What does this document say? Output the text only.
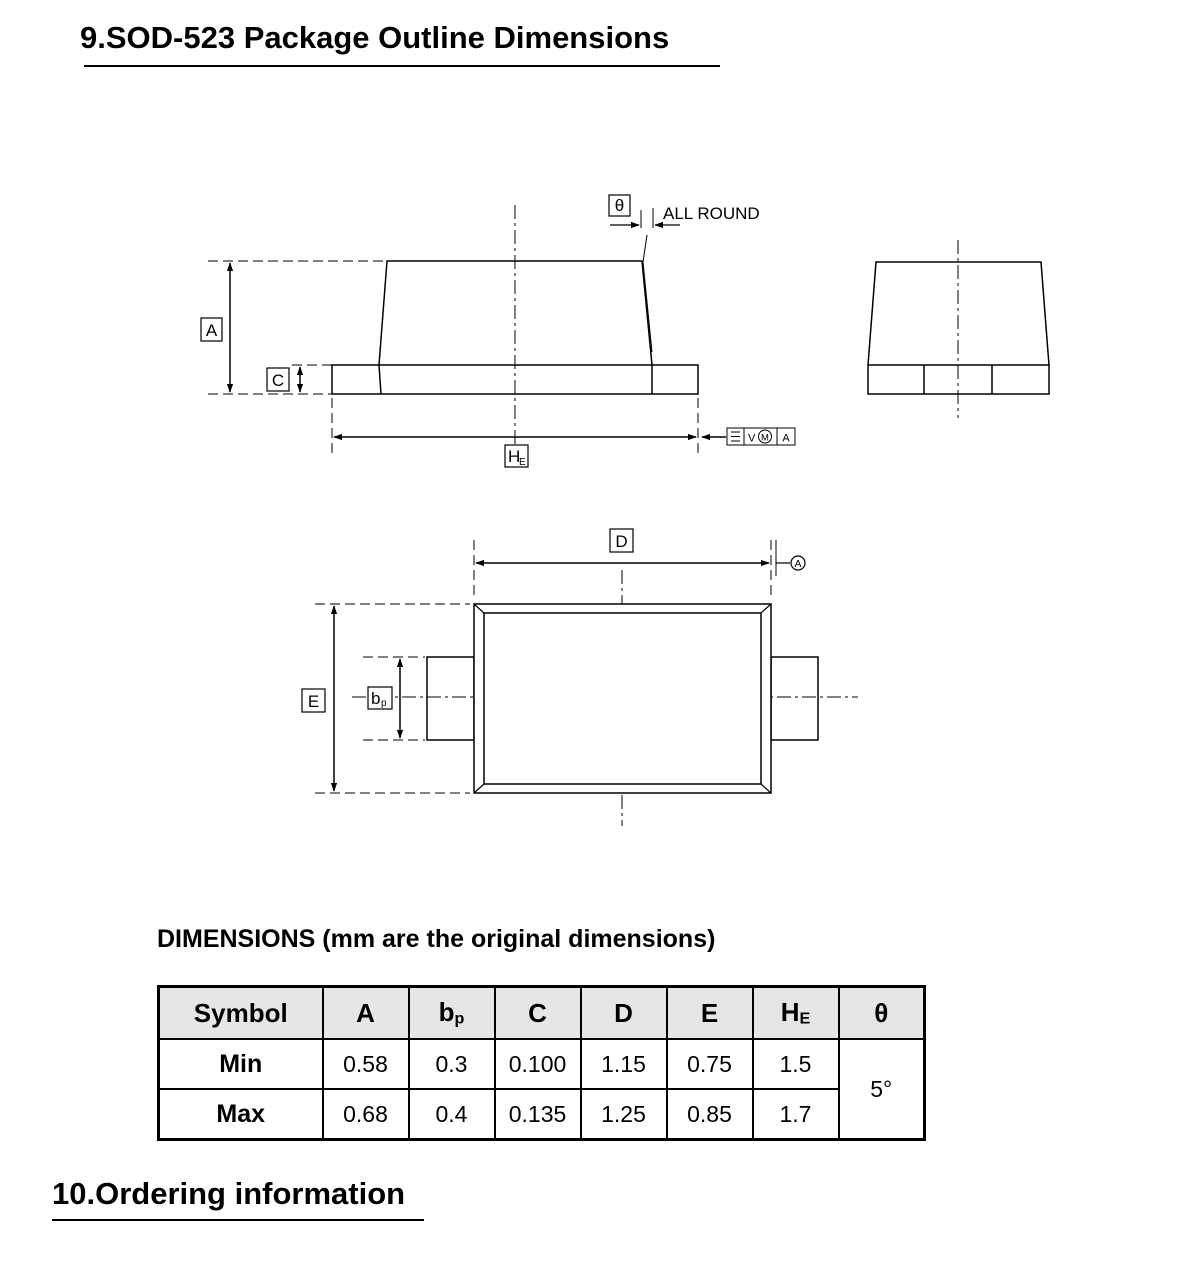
9.SOD-523 Package Outline Dimensions
θ ALL ROUND
A
C
H
E
V M A
D
A
E	b p
DIMENSIONS (mm are the original dimensions)
Symbol	A	bp	C	D	E	HE	θ
Min	0.58	0.3	0.100	1.15	0.75	1.5	5°
Max	0.68	0.4	0.135	1.25	0.85	1.7	
10.Ordering information
